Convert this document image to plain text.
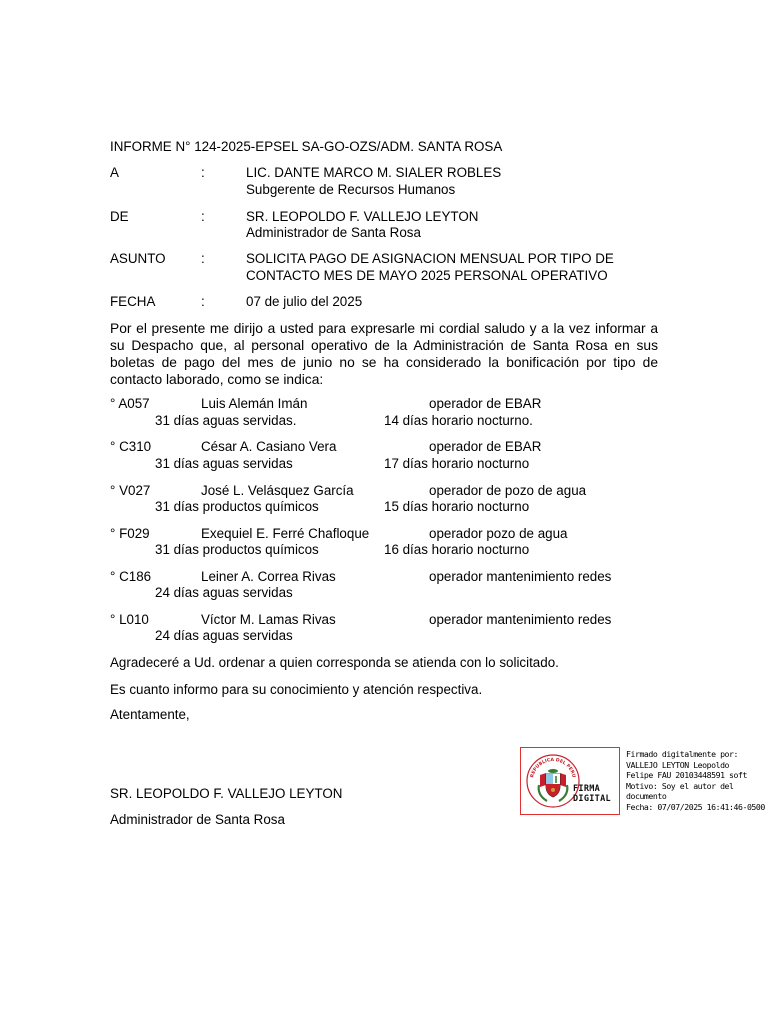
INFORME N° 124-2025-EPSEL SA-GO-OZS/ADM. SANTA ROSA
A	:	LIC. DANTE MARCO M. SIALER ROBLES
Subgerente de Recursos Humanos
DE	:	SR. LEOPOLDO F. VALLEJO LEYTON
Administrador de Santa Rosa
ASUNTO	:	SOLICITA PAGO DE ASIGNACION MENSUAL POR TIPO DE
CONTACTO MES DE MAYO 2025 PERSONAL OPERATIVO
FECHA	:	07 de julio del 2025
Por el presente me dirijo a usted para expresarle mi cordial saludo y a la vez informar a
su Despacho que, al personal operativo de la Administración de Santa Rosa en sus
boletas de pago del mes de junio no se ha considerado la bonificación por tipo de
contacto laborado, como se indica:
° A057	Luis Alemán Imán	operador de EBAR
31 días aguas servidas.	14 días horario nocturno.
° C310	César A. Casiano Vera	operador de EBAR
31 días aguas servidas	17 días horario nocturno
° V027	José L. Velásquez García	operador de pozo de agua
31 días productos químicos	15 días horario nocturno
° F029	Exequiel E. Ferré Chafloque	operador pozo de agua
31 días productos químicos	16 días horario nocturno
° C186	Leiner A. Correa Rivas	operador mantenimiento redes
24 días aguas servidas
° L010	Víctor M. Lamas Rivas	operador mantenimiento redes
24 días aguas servidas
Agradeceré a Ud. ordenar a quien corresponda se atienda con lo solicitado.
Es cuanto informo para su conocimiento y atención respectiva.
Atentamente,
SR. LEOPOLDO F. VALLEJO LEYTON
Administrador de Santa Rosa
REPUBLICA DEL PERU
FIRMA
DIGITAL
Firmado digitalmente por:
VALLEJO LEYTON Leopoldo
Felipe FAU 20103448591 soft
Motivo: Soy el autor del
documento
Fecha: 07/07/2025 16:41:46-0500
